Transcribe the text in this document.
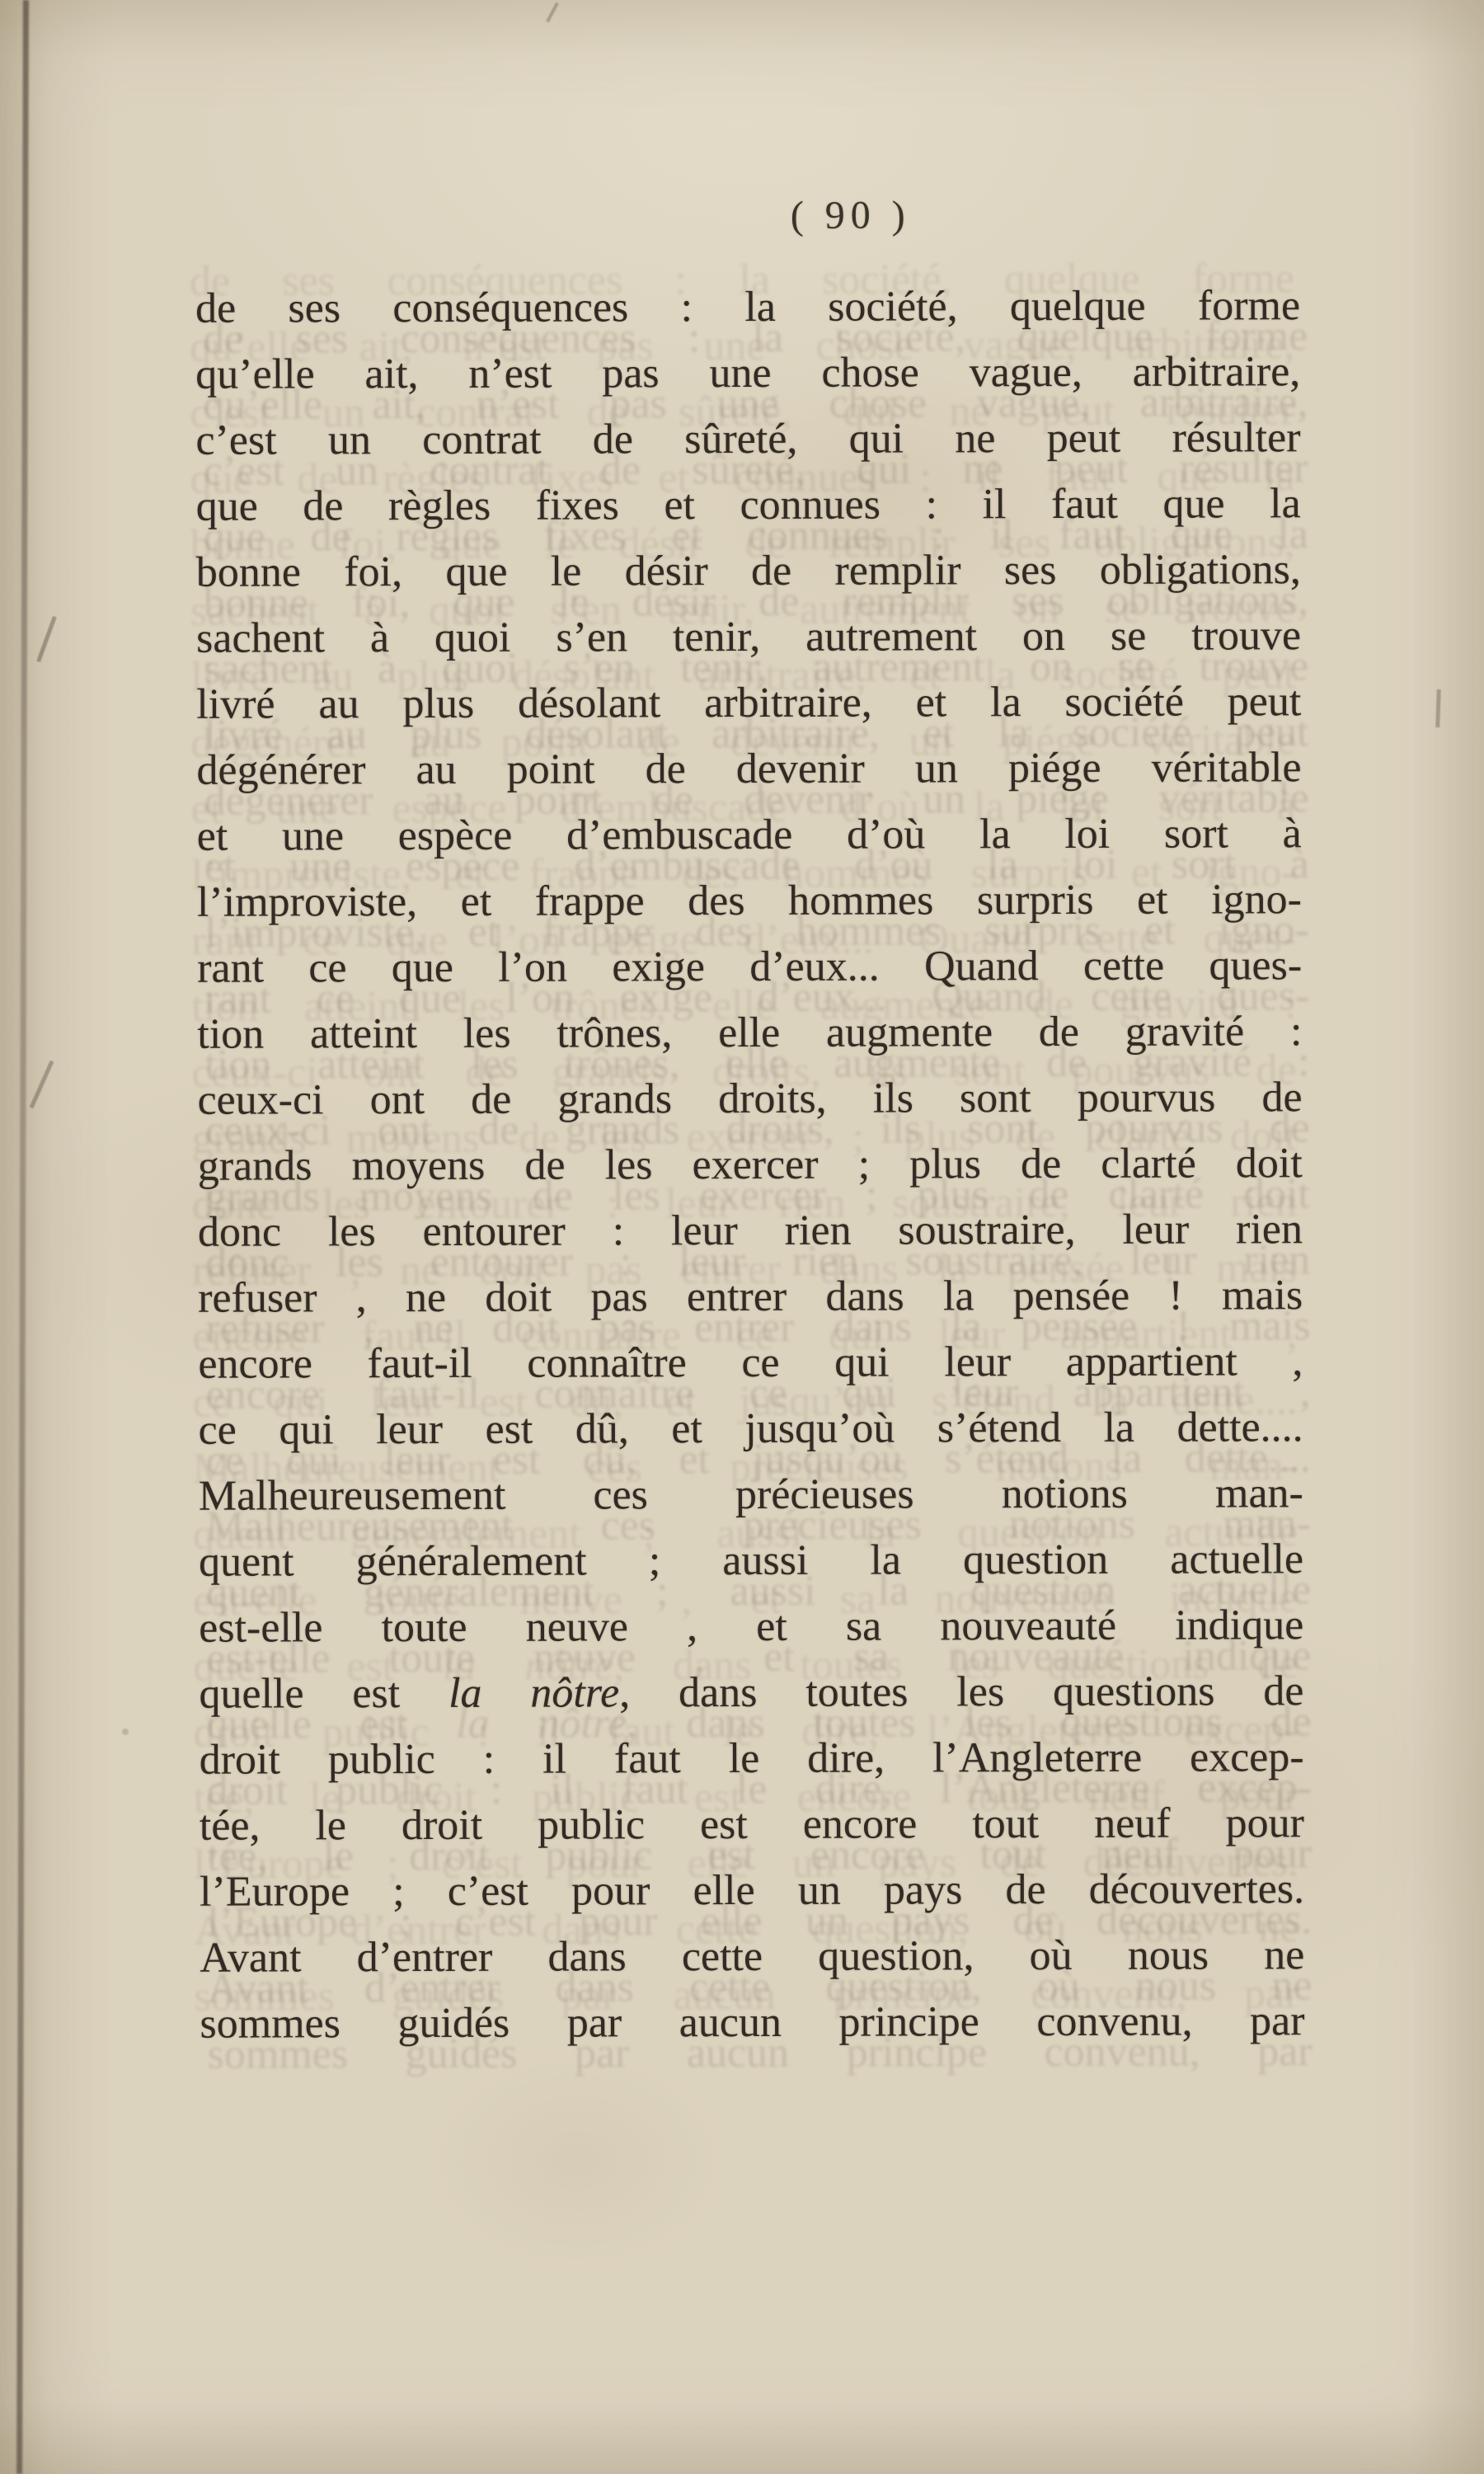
( 90 )
de ses conséquences : la société, quelque forme
qu’elle ait, n’est pas une chose vague, arbitraire,
c’est un contrat de sûreté, qui ne peut résulter
que de règles fixes et connues : il faut que la
bonne foi, que le désir de remplir ses obligations,
sachent à quoi s’en tenir, autrement on se trouve
livré au plus désolant arbitraire, et la société peut
dégénérer au point de devenir un piége véritable
et une espèce d’embuscade d’où la loi sort à
l’improviste, et frappe des hommes surpris et igno-
rant ce que l’on exige d’eux... Quand cette ques-
tion atteint les trônes, elle augmente de gravité :
ceux-ci ont de grands droits, ils sont pourvus de
grands moyens de les exercer ; plus de clarté doit
donc les entourer : leur rien soustraire, leur rien
refuser , ne doit pas entrer dans la pensée ! mais
encore faut-il connaître ce qui leur appartient ,
ce qui leur est dû, et jusqu’où s’étend la dette....
Malheureusement ces précieuses notions man-
quent généralement ; aussi la question actuelle
est-elle toute neuve , et sa nouveauté indique
quelle est la nôtre, dans toutes les questions de
droit public : il faut le dire, l’Angleterre excep-
tée, le droit public est encore tout neuf pour
l’Europe ; c’est pour elle un pays de découvertes.
Avant d’entrer dans cette question, où nous ne
sommes guidés par aucun principe convenu, par
